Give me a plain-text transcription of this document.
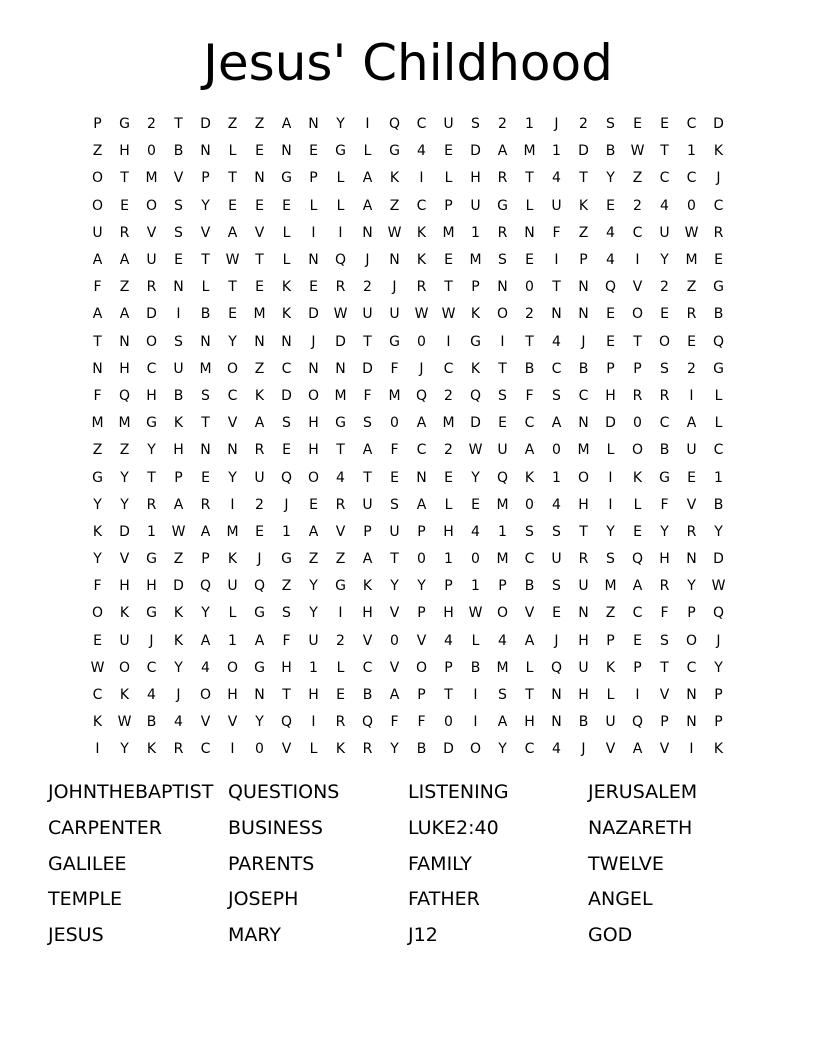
Jesus' Childhood
P	G	2	T	D	Z	Z	A	N	Y	I	Q	C	U	S	2	1	J	2	S	E	E	C	D
Z	H	0	B	N	L	E	N	E	G	L	G	4	E	D	A	M	1	D	B	W	T	1	K
O	T	M	V	P	T	N	G	P	L	A	K	I	L	H	R	T	4	T	Y	Z	C	C	J
O	E	O	S	Y	E	E	E	L	L	A	Z	C	P	U	G	L	U	K	E	2	4	0	C
U	R	V	S	V	A	V	L	I	I	N	W	K	M	1	R	N	F	Z	4	C	U	W	R
A	A	U	E	T	W	T	L	N	Q	J	N	K	E	M	S	E	I	P	4	I	Y	M	E
F	Z	R	N	L	T	E	K	E	R	2	J	R	T	P	N	0	T	N	Q	V	2	Z	G
A	A	D	I	B	E	M	K	D	W	U	U	W W	K	O	2	N	N	E	O	E	R	B
T	N	O	S	N	Y	N	N	J	D	T	G	0	I	G	I	T	4	J	E	T	O	E	Q
N	H	C	U	M	O	Z	C	N	N	D	F	J	C	K	T	B	C	B	P	P	S	2	G
F	Q	H	B	S	C	K	D	O	M	F	M	Q	2	Q	S	F	S	C	H	R	R	I	L
M	M	G	K	T	V	A	S	H	G	S	0	A	M	D	E	C	A	N	D	0	C	A	L
Z	Z	Y	H	N	N	R	E	H	T	A	F	C	2	W	U	A	0	M	L	O	B	U	C
G	Y	T	P	E	Y	U	Q	O	4	T	E	N	E	Y	Q	K	1	O	I	K	G	E	1
Y	Y	R	A	R	I	2	J	E	R	U	S	A	L	E	M	0	4	H	I	L	F	V	B
K	D	1	W	A	M	E	1	A	V	P	U	P	H	4	1	S	S	T	Y	E	Y	R	Y
Y	V	G	Z	P	K	J	G	Z	Z	A	T	0	1	0	M	C	U	R	S	Q	H	N	D
F	H	H	D	Q	U	Q	Z	Y	G	K	Y	Y	P	1	P	B	S	U	M	A	R	Y	W
O	K	G	K	Y	L	G	S	Y	I	H	V	P	H	W	O	V	E	N	Z	C	F	P	Q
E	U	J	K	A	1	A	F	U	2	V	0	V	4	L	4	A	J	H	P	E	S	O	J
W	O	C	Y	4	O	G	H	1	L	C	V	O	P	B	M	L	Q	U	K	P	T	C	Y
C	K	4	J	O	H	N	T	H	E	B	A	P	T	I	S	T	N	H	L	I	V	N	P
K	W	B	4	V	V	Y	Q	I	R	Q	F	F	0	I	A	H	N	B	U	Q	P	N	P
I	Y	K	R	C	I	0	V	L	K	R	Y	B	D	O	Y	C	4	J	V	A	V	I	K
JOHNTHEBAPTIST QUESTIONS	LISTENING	JERUSALEM
CARPENTER	BUSINESS	LUKE2:40	NAZARETH
GALILEE	PARENTS	FAMILY	TWELVE
TEMPLE	JOSEPH	FATHER	ANGEL
JESUS	MARY	J12	GOD
